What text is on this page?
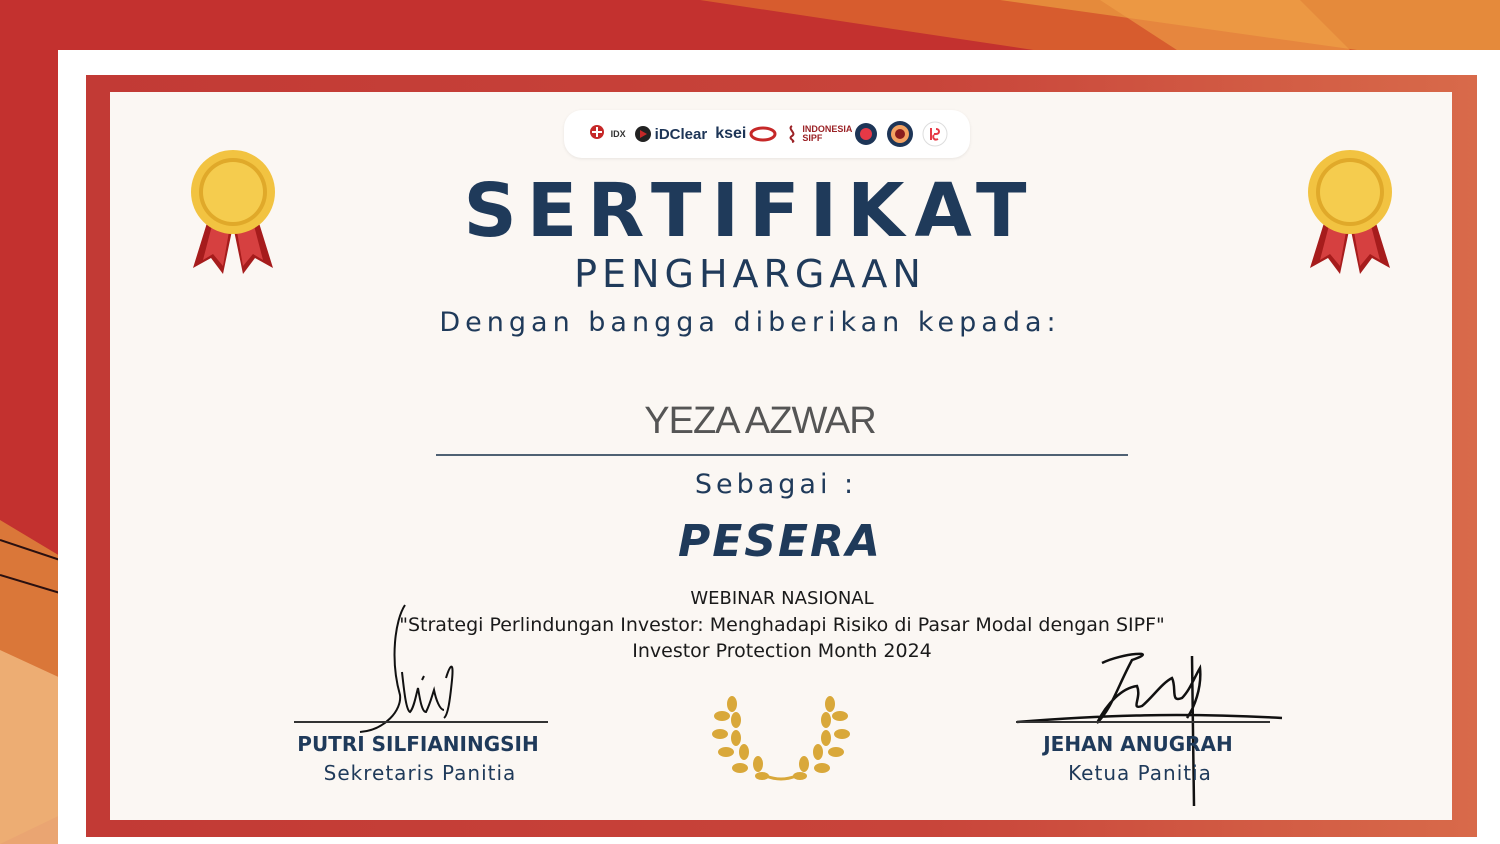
IDX iDClear ksei	INDONESIA SIPF
SERTIFIKAT
PENGHARGAAN
Dengan bangga diberikan kepada:
YEZA AZWAR
Sebagai :
PESERA
WEBINAR NASIONAL
"Strategi Perlindungan Investor: Menghadapi Risiko di Pasar Modal dengan SIPF"
Investor Protection Month 2024
PUTRI SILFIANINGSIH
Sekretaris Panitia
JEHAN ANUGRAH
Ketua Panitia
